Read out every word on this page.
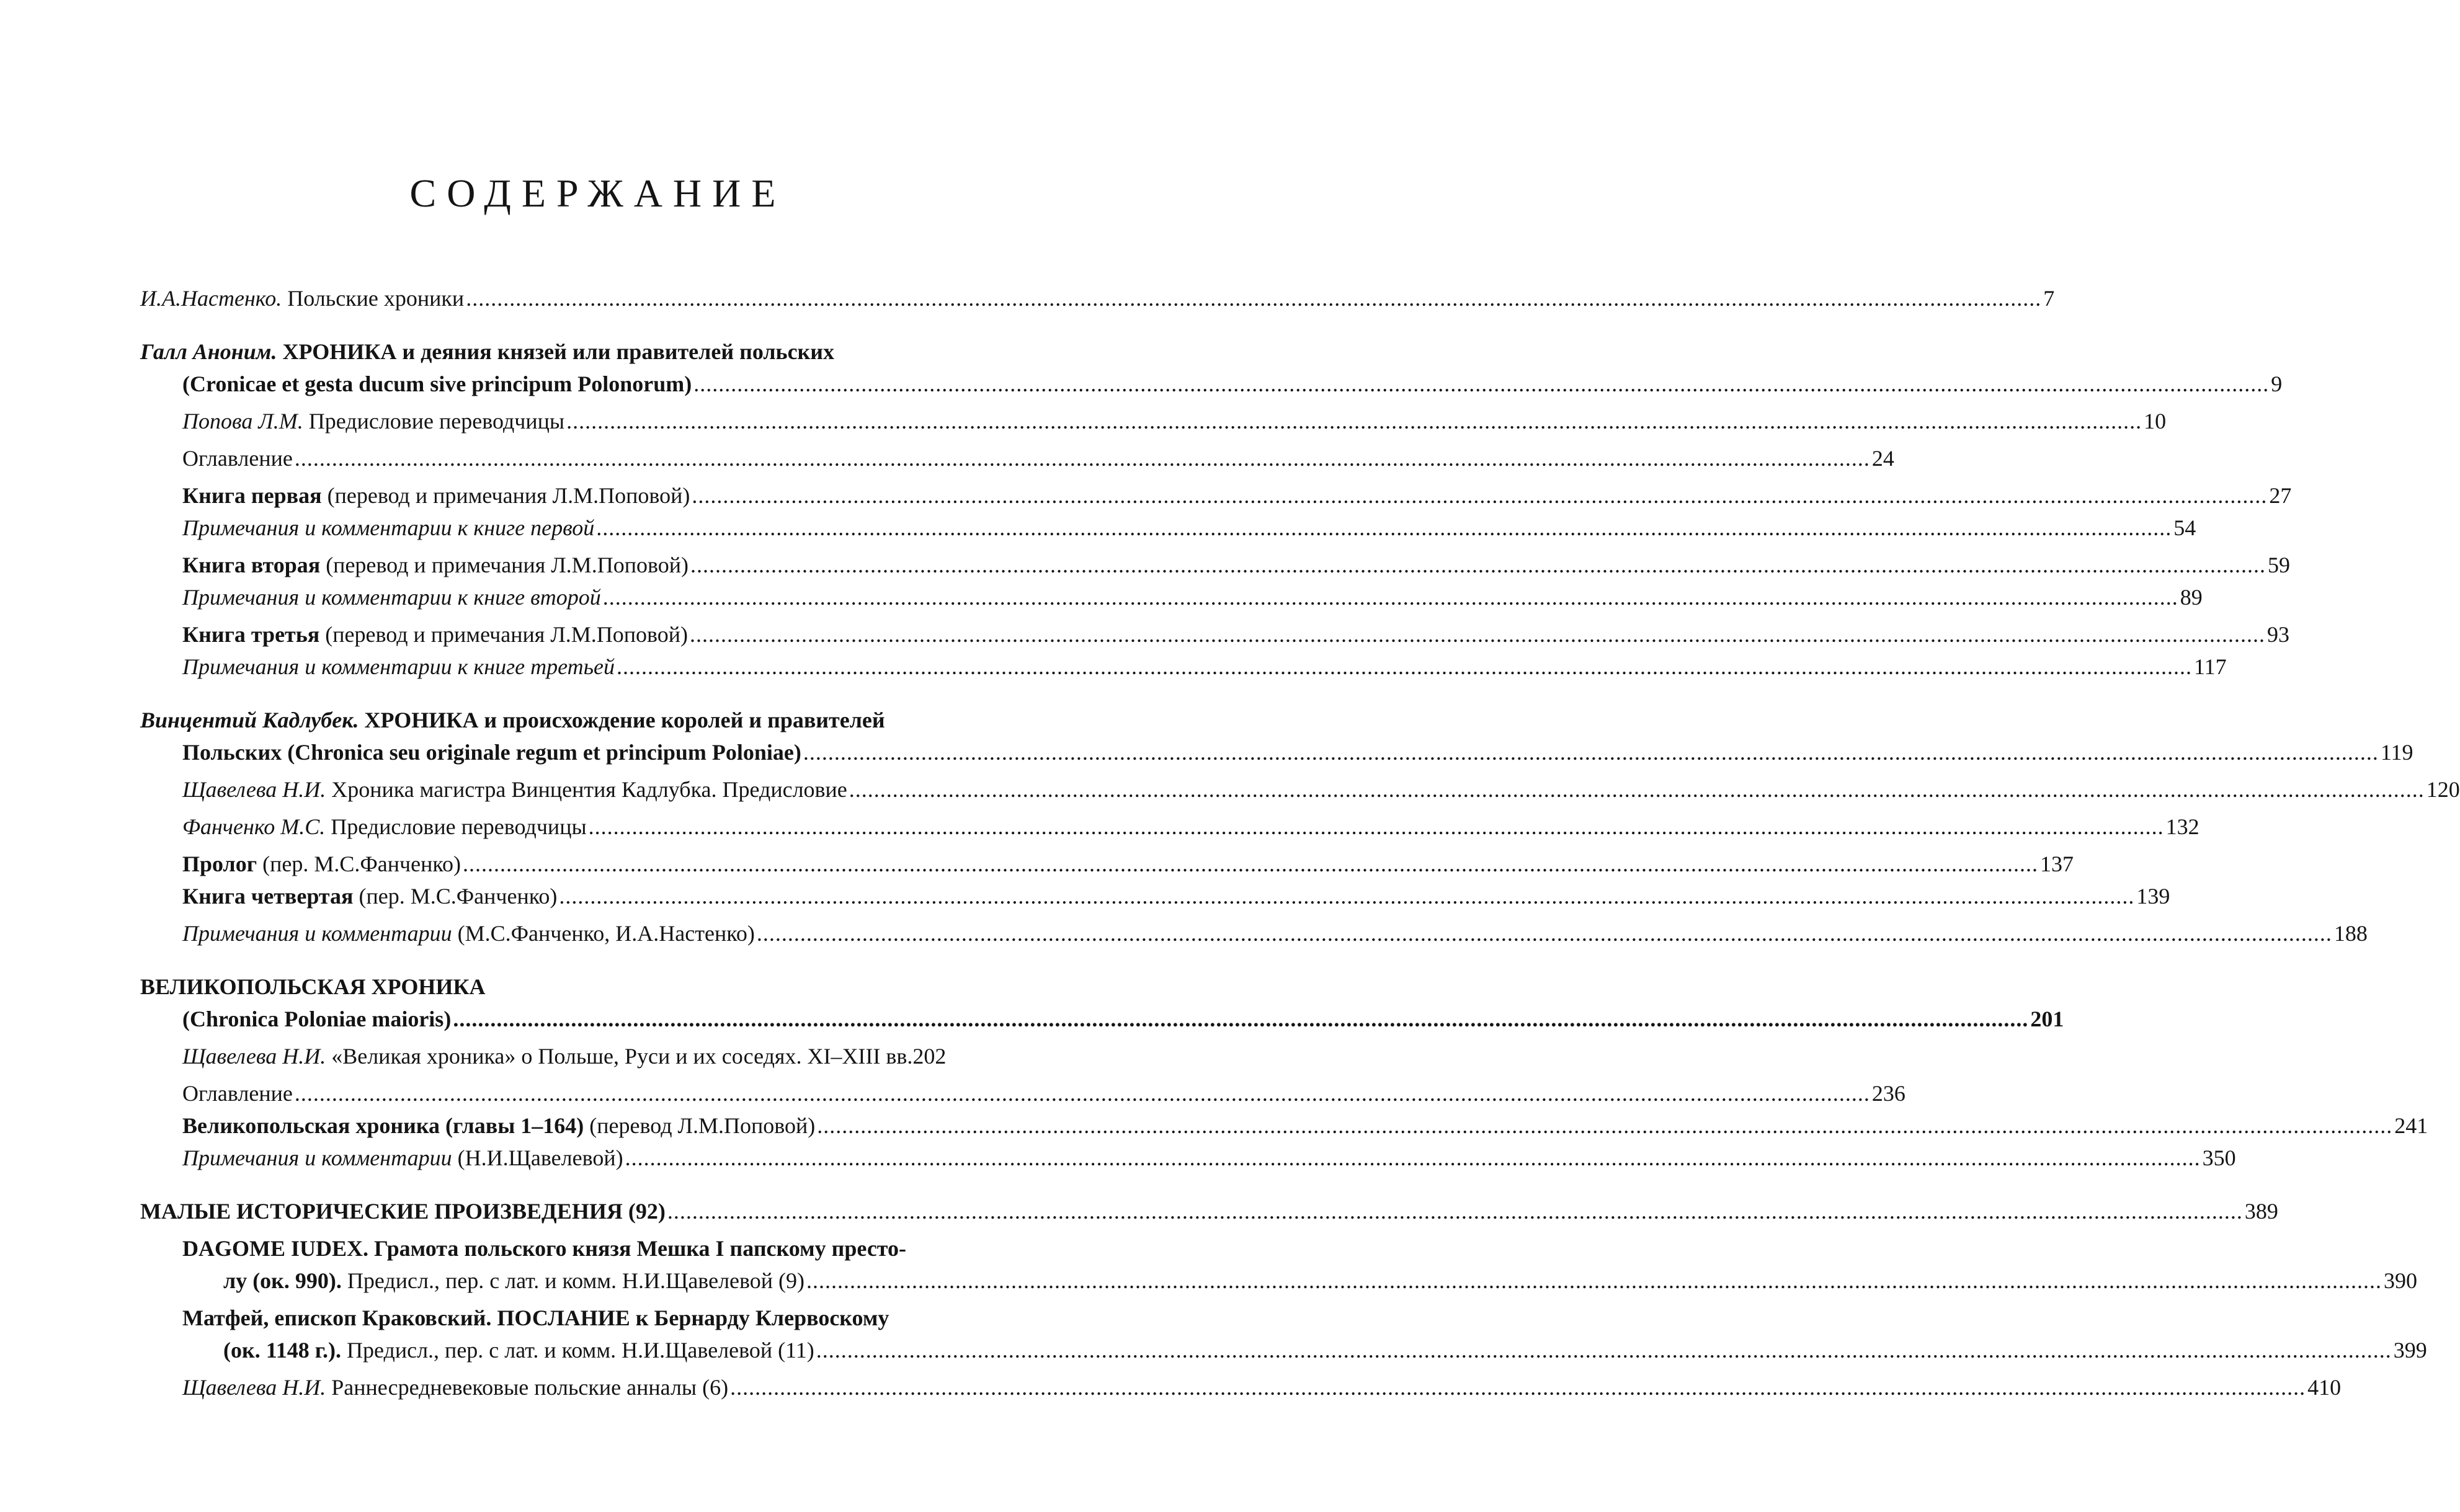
СОДЕРЖАНИЕ
И.А.Настенко. Польские хроники .............................................................................................................................................................................................................................................................. 7
Галл Аноним. ХРОНИКА и деяния князей или правителей польских
(Cronicae et gesta ducum sive principum Polonorum) .............................................................................................................................................................................................................................................................. 9
Попова Л.М. Предисловие переводчицы .............................................................................................................................................................................................................................................................. 10
Оглавление .............................................................................................................................................................................................................................................................. 24
Книга первая (перевод и примечания Л.М.Поповой) .............................................................................................................................................................................................................................................................. 27
Примечания и комментарии к книге первой .............................................................................................................................................................................................................................................................. 54
Книга вторая (перевод и примечания Л.М.Поповой) .............................................................................................................................................................................................................................................................. 59
Примечания и комментарии к книге второй .............................................................................................................................................................................................................................................................. 89
Книга третья (перевод и примечания Л.М.Поповой) .............................................................................................................................................................................................................................................................. 93
Примечания и комментарии к книге третьей .............................................................................................................................................................................................................................................................. 117
Винцентий Кадлубек. ХРОНИКА и происхождение королей и правителей
Польских (Chronica seu originale regum et principum Poloniae) .............................................................................................................................................................................................................................................................. 119
Щавелева Н.И. Хроника магистра Винцентия Кадлубка. Предисловие .............................................................................................................................................................................................................................................................. 120
Фанченко М.С. Предисловие переводчицы .............................................................................................................................................................................................................................................................. 132
Пролог (пер. М.С.Фанченко) .............................................................................................................................................................................................................................................................. 137
Книга четвертая (пер. М.С.Фанченко) .............................................................................................................................................................................................................................................................. 139
Примечания и комментарии (М.С.Фанченко, И.А.Настенко) .............................................................................................................................................................................................................................................................. 188
ВЕЛИКОПОЛЬСКАЯ ХРОНИКА
(Chronica Poloniae maioris) .............................................................................................................................................................................................................................................................. 201
Щавелева Н.И. «Великая хроника» о Польше, Руси и их соседях. XI–XIII вв. 202
Оглавление .............................................................................................................................................................................................................................................................. 236
Великопольская хроника (главы 1–164) (перевод Л.М.Поповой) .............................................................................................................................................................................................................................................................. 241
Примечания и комментарии (Н.И.Щавелевой) .............................................................................................................................................................................................................................................................. 350
МАЛЫЕ ИСТОРИЧЕСКИЕ ПРОИЗВЕДЕНИЯ (92) .............................................................................................................................................................................................................................................................. 389
DAGOME IUDEX. Грамота польского князя Мешка I папскому престо-
лу (ок. 990). Предисл., пер. с лат. и комм. Н.И.Щавелевой (9) .............................................................................................................................................................................................................................................................. 390
Матфей, епископ Краковский. ПОСЛАНИЕ к Бернарду Клервоскому
(ок. 1148 г.). Предисл., пер. с лат. и комм. Н.И.Щавелевой (11) .............................................................................................................................................................................................................................................................. 399
Щавелева Н.И. Раннесредневековые польские анналы (6) .............................................................................................................................................................................................................................................................. 410
